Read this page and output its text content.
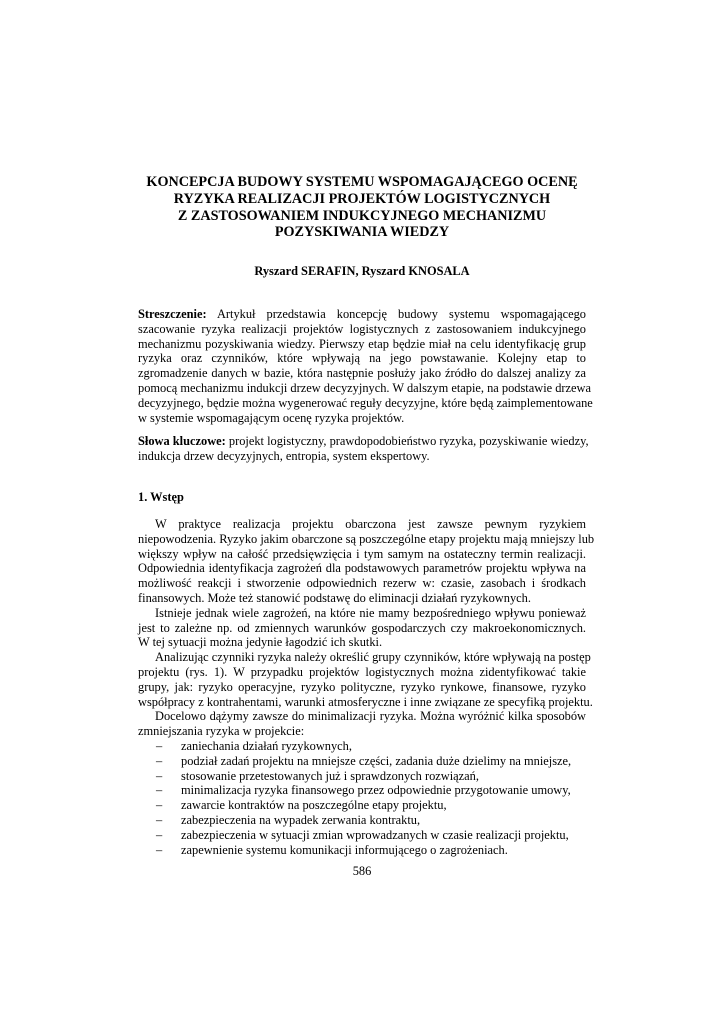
KONCEPCJA BUDOWY SYSTEMU WSPOMAGAJĄCEGO OCENĘ
RYZYKA REALIZACJI PROJEKTÓW LOGISTYCZNYCH
Z ZASTOSOWANIEM INDUKCYJNEGO MECHANIZMU
POZYSKIWANIA WIEDZY
Ryszard SERAFIN, Ryszard KNOSALA
Streszczenie: Artykuł przedstawia koncepcję budowy systemu wspomagającego
szacowanie ryzyka realizacji projektów logistycznych z zastosowaniem indukcyjnego
mechanizmu pozyskiwania wiedzy. Pierwszy etap będzie miał na celu identyfikację grup
ryzyka oraz czynników, które wpływają na jego powstawanie. Kolejny etap to
zgromadzenie danych w bazie, która następnie posłuży jako źródło do dalszej analizy za
pomocą mechanizmu indukcji drzew decyzyjnych. W dalszym etapie, na podstawie drzewa
decyzyjnego, będzie można wygenerować reguły decyzyjne, które będą zaimplementowane
w systemie wspomagającym ocenę ryzyka projektów.
Słowa kluczowe: projekt logistyczny, prawdopodobieństwo ryzyka, pozyskiwanie wiedzy,
indukcja drzew decyzyjnych, entropia, system ekspertowy.
1. Wstęp
W praktyce realizacja projektu obarczona jest zawsze pewnym ryzykiem
niepowodzenia. Ryzyko jakim obarczone są poszczególne etapy projektu mają mniejszy lub
większy wpływ na całość przedsięwzięcia i tym samym na ostateczny termin realizacji.
Odpowiednia identyfikacja zagrożeń dla podstawowych parametrów projektu wpływa na
możliwość reakcji i stworzenie odpowiednich rezerw w: czasie, zasobach i środkach
finansowych. Może też stanowić podstawę do eliminacji działań ryzykownych.
Istnieje jednak wiele zagrożeń, na które nie mamy bezpośredniego wpływu ponieważ
jest to zależne np. od zmiennych warunków gospodarczych czy makroekonomicznych.
W tej sytuacji można jedynie łagodzić ich skutki.
Analizując czynniki ryzyka należy określić grupy czynników, które wpływają na postęp
projektu (rys. 1). W przypadku projektów logistycznych można zidentyfikować takie
grupy, jak: ryzyko operacyjne, ryzyko polityczne, ryzyko rynkowe, finansowe, ryzyko
współpracy z kontrahentami, warunki atmosferyczne i inne związane ze specyfiką projektu.
Docelowo dążymy zawsze do minimalizacji ryzyka. Można wyróżnić kilka sposobów
zmniejszania ryzyka w projekcie:
– zaniechania działań ryzykownych,
– podział zadań projektu na mniejsze części, zadania duże dzielimy na mniejsze,
– stosowanie przetestowanych już i sprawdzonych rozwiązań,
– minimalizacja ryzyka finansowego przez odpowiednie przygotowanie umowy,
– zawarcie kontraktów na poszczególne etapy projektu,
– zabezpieczenia na wypadek zerwania kontraktu,
– zabezpieczenia w sytuacji zmian wprowadzanych w czasie realizacji projektu,
– zapewnienie systemu komunikacji informującego o zagrożeniach.
586
